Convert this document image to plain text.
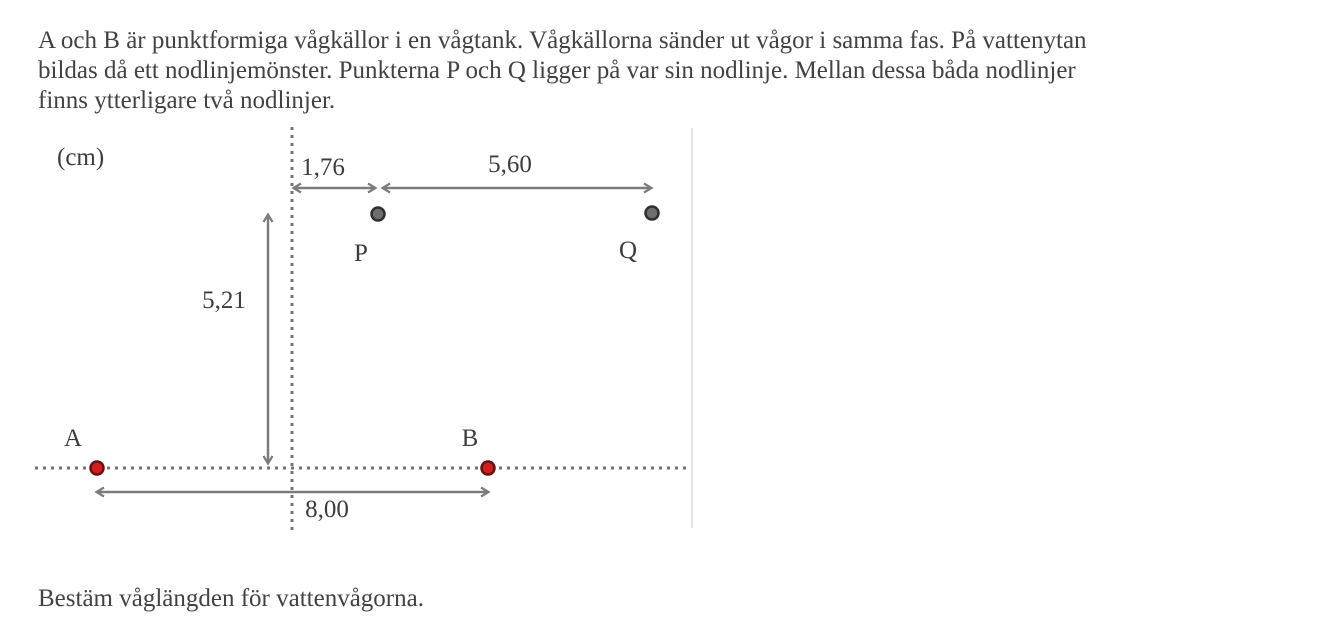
A och B är punktformiga vågkällor i en vågtank. Vågkällorna sänder ut vågor i samma fas. På vattenytan
bildas då ett nodlinjemönster. Punkterna P och Q ligger på var sin nodlinje. Mellan dessa båda nodlinjer
finns ytterligare två nodlinjer.
(cm)	1,76	5,60
5,21
8,00
P	Q
A	B
Bestäm våglängden för vattenvågorna.
